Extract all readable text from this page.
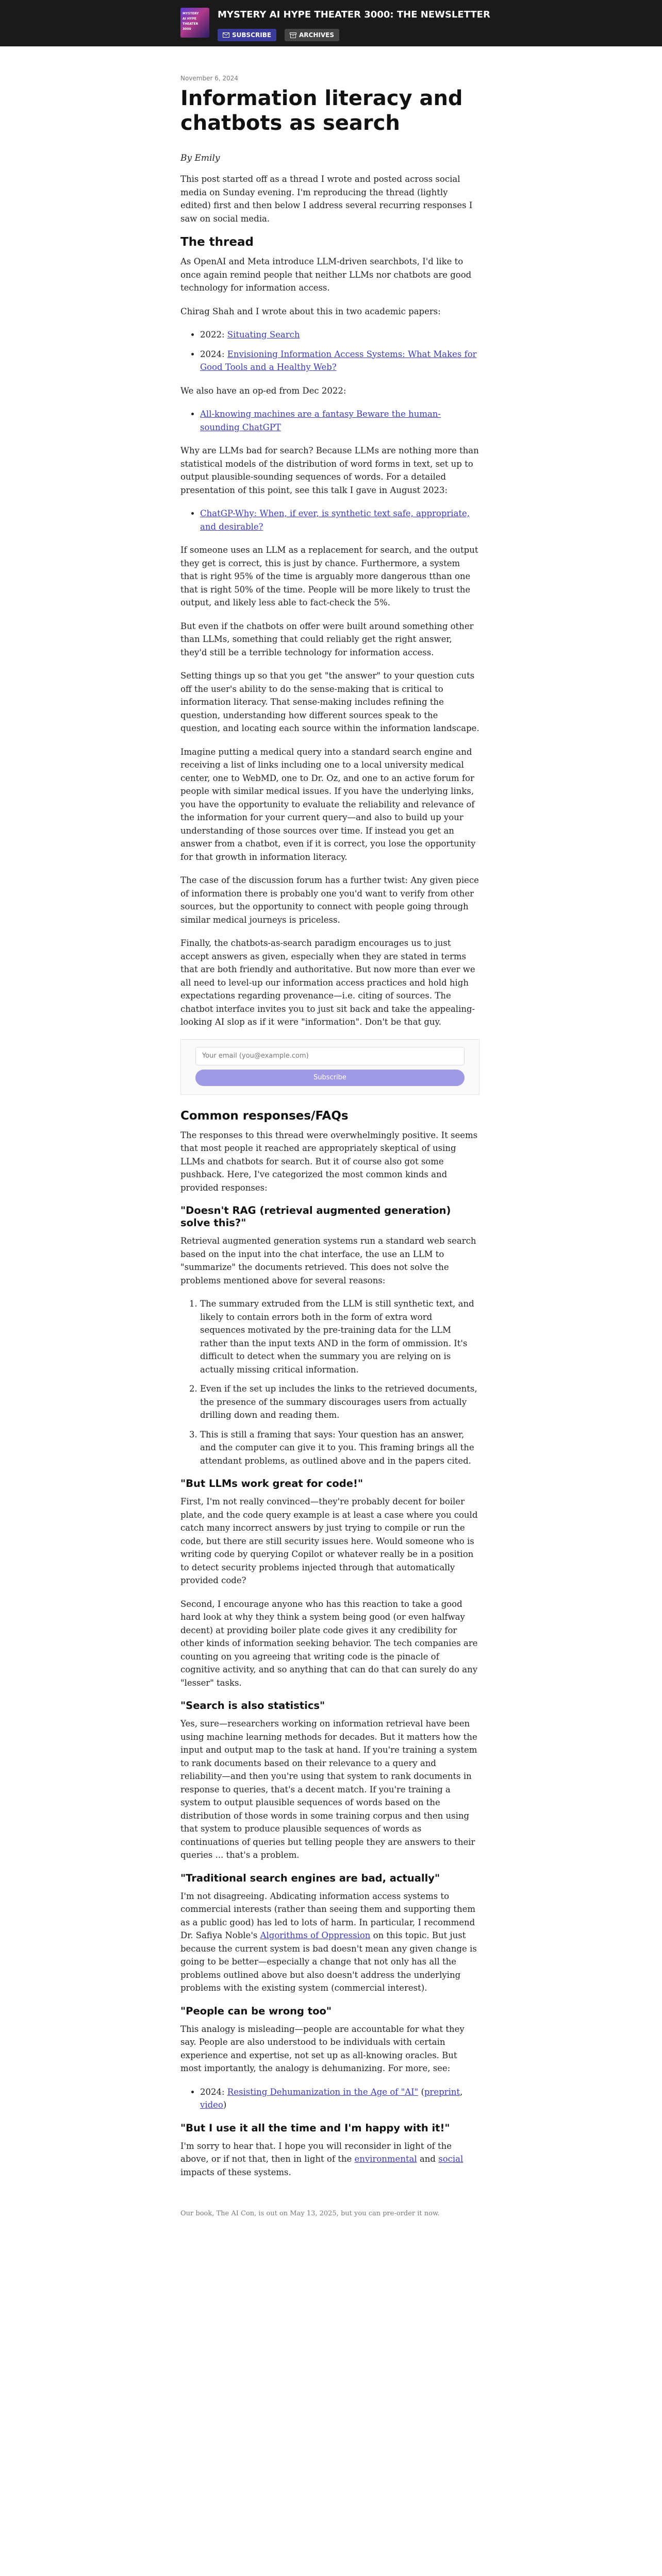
MYSTERY
AI HYPE
THEATER
3000
MYSTERY AI HYPE THEATER 3000: THE NEWSLETTER
SUBSCRIBE	ARCHIVES
November 6, 2024
Information literacy and chatbots as search
By Emily

This post started off as a thread I wrote and posted across social media on Sunday evening. I'm reproducing the thread (lightly edited) first and then below I address several recurring responses I saw on social media.

The thread

As OpenAI and Meta introduce LLM-driven searchbots, I'd like to once again remind people that neither LLMs nor chatbots are good technology for information access.

Chirag Shah and I wrote about this in two academic papers:

• 2022: Situating Search
• 2024: Envisioning Information Access Systems: What Makes for Good Tools and a Healthy Web?

We also have an op-ed from Dec 2022:

• All-knowing machines are a fantasy Beware the human-sounding ChatGPT

Why are LLMs bad for search? Because LLMs are nothing more than statistical models of the distribution of word forms in text, set up to output plausible-sounding sequences of words. For a detailed presentation of this point, see this talk I gave in August 2023:

• ChatGP-Why: When, if ever, is synthetic text safe, appropriate, and desirable?

If someone uses an LLM as a replacement for search, and the output they get is correct, this is just by chance. Furthermore, a system that is right 95% of the time is arguably more dangerous tthan one that is right 50% of the time. People will be more likely to trust the output, and likely less able to fact-check the 5%.

But even if the chatbots on offer were built around something other than LLMs, something that could reliably get the right answer, they'd still be a terrible technology for information access.

Setting things up so that you get "the answer" to your question cuts off the user's ability to do the sense-making that is critical to information literacy. That sense-making includes refining the question, understanding how different sources speak to the question, and locating each source within the information landscape.

Imagine putting a medical query into a standard search engine and receiving a list of links including one to a local university medical center, one to WebMD, one to Dr. Oz, and one to an active forum for people with similar medical issues. If you have the underlying links, you have the opportunity to evaluate the reliability and relevance of the information for your current query—and also to build up your understanding of those sources over time. If instead you get an answer from a chatbot, even if it is correct, you lose the opportunity for that growth in information literacy.

The case of the discussion forum has a further twist: Any given piece of information there is probably one you'd want to verify from other sources, but the opportunity to connect with people going through similar medical journeys is priceless.

Finally, the chatbots-as-search paradigm encourages us to just accept answers as given, especially when they are stated in terms that are both friendly and authoritative. But now more than ever we all need to level-up our information access practices and hold high expectations regarding provenance—i.e. citing of sources. The chatbot interface invites you to just sit back and take the appealing-looking AI slop as if it were "information". Don't be that guy.

Your email (you@example.com)
Subscribe
Common responses/FAQs

The responses to this thread were overwhelmingly positive. It seems that most people it reached are appropriately skeptical of using LLMs and chatbots for search. But it of course also got some pushback. Here, I've categorized the most common kinds and provided responses:

"Doesn't RAG (retrieval augmented generation) solve this?"

Retrieval augmented generation systems run a standard web search based on the input into the chat interface, the use an LLM to "summarize" the documents retrieved. This does not solve the problems mentioned above for several reasons:

1. The summary extruded from the LLM is still synthetic text, and likely to contain errors both in the form of extra word sequences motivated by the pre-training data for the LLM rather than the input texts AND in the form of ommission. It's difficult to detect when the summary you are relying on is actually missing critical information.
2. Even if the set up includes the links to the retrieved documents, the presence of the summary discourages users from actually drilling down and reading them.
3. This is still a framing that says: Your question has an answer, and the computer can give it to you. This framing brings all the attendant problems, as outlined above and in the papers cited.
"But LLMs work great for code!"

First, I'm not really convinced—they're probably decent for boiler plate, and the code query example is at least a case where you could catch many incorrect answers by just trying to compile or run the code, but there are still security issues here. Would someone who is writing code by querying Copilot or whatever really be in a position to detect security problems injected through that automatically provided code?

Second, I encourage anyone who has this reaction to take a good hard look at why they think a system being good (or even halfway decent) at providing boiler plate code gives it any credibility for other kinds of information seeking behavior. The tech companies are counting on you agreeing that writing code is the pinacle of cognitive activity, and so anything that can do that can surely do any "lesser" tasks.

"Search is also statistics"

Yes, sure—researchers working on information retrieval have been using machine learning methods for decades. But it matters how the input and output map to the task at hand. If you're training a system to rank documents based on their relevance to a query and reliability—and then you're using that system to rank documents in response to queries, that's a decent match. If you're training a system to output plausible sequences of words based on the distribution of those words in some training corpus and then using that system to produce plausible sequences of words as continuations of queries but telling people they are answers to their queries ... that's a problem.

"Traditional search engines are bad, actually"

I'm not disagreeing. Abdicating information access systems to commercial interests (rather than seeing them and supporting them as a public good) has led to lots of harm. In particular, I recommend Dr. Safiya Noble's Algorithms of Oppression on this topic. But just because the current system is bad doesn't mean any given change is going to be better—especially a change that not only has all the problems outlined above but also doesn't address the underlying problems with the existing system (commercial interest).

"People can be wrong too"

This analogy is misleading—people are accountable for what they say. People are also understood to be individuals with certain experience and expertise, not set up as all-knowing oracles. But most importantly, the analogy is dehumanizing. For more, see:

• 2024: Resisting Dehumanization in the Age of "AI" (preprint, video)
"But I use it all the time and I'm happy with it!"

I'm sorry to hear that. I hope you will reconsider in light of the above, or if not that, then in light of the environmental and social impacts of these systems.

Our book, The AI Con, is out on May 13, 2025, but you can pre-order it now.
